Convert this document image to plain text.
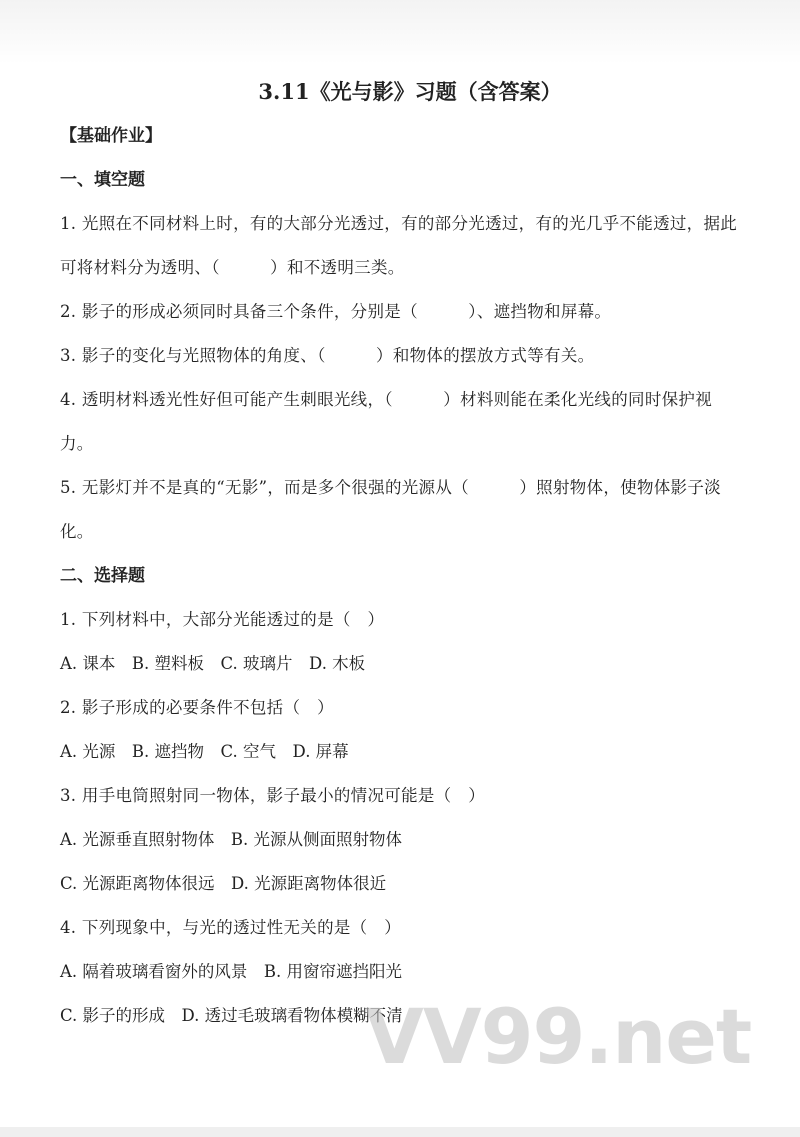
3.11《光与影》习题（含答案）

【基础作业】

一、填空题

1. 光照在不同材料上时，有的大部分光透过，有的部分光透过，有的光几乎不能透过，据此可将材料分为透明、（　　　）和不透明三类。

2. 影子的形成必须同时具备三个条件，分别是（　　　）、遮挡物和屏幕。

3. 影子的变化与光照物体的角度、（　　　）和物体的摆放方式等有关。

4. 透明材料透光性好但可能产生刺眼光线，（　　　）材料则能在柔化光线的同时保护视力。

5. 无影灯并不是真的“无影”，而是多个很强的光源从（　　　）照射物体，使物体影子淡化。

二、选择题

1. 下列材料中，大部分光能透过的是（　）

A. 课本　B. 塑料板　C. 玻璃片　D. 木板

2. 影子形成的必要条件不包括（　）

A. 光源　B. 遮挡物　C. 空气　D. 屏幕

3. 用手电筒照射同一物体，影子最小的情况可能是（　）

A. 光源垂直照射物体　B. 光源从侧面照射物体

C. 光源距离物体很远　D. 光源距离物体很近

4. 下列现象中，与光的透过性无关的是（　）

A. 隔着玻璃看窗外的风景　B. 用窗帘遮挡阳光

C. 影子的形成　D. 透过毛玻璃看物体模糊不清

VV99.net
